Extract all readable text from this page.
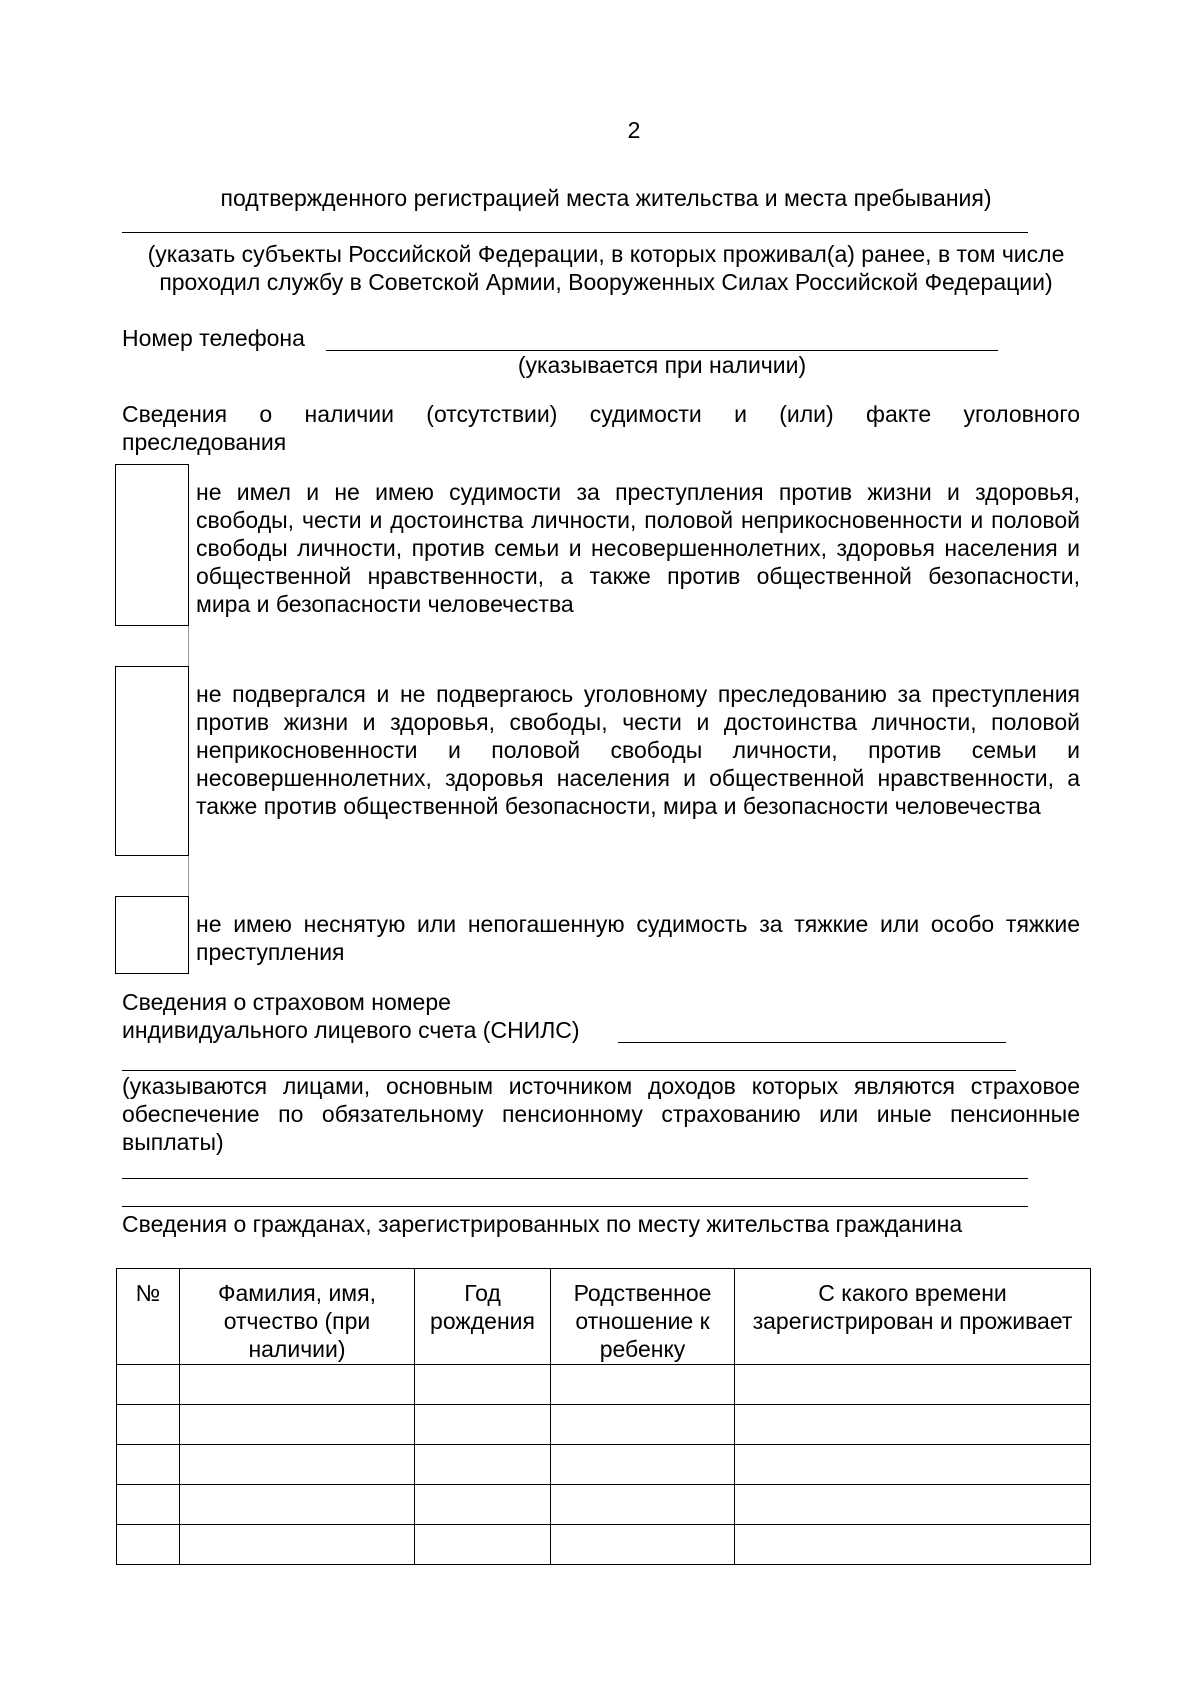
2
подтвержденного регистрацией места жительства и места пребывания)
(указать субъекты Российской Федерации, в которых проживал(а) ранее, в том числе проходил службу в Советской Армии, Вооруженных Силах Российской Федерации)
Номер телефона
(указывается при наличии)
Сведения о наличии (отсутствии) судимости и (или) факте уголовного
преследования
не имел и не имею судимости за преступления против жизни и здоровья, свободы, чести и достоинства личности, половой неприкосновенности и половой свободы личности, против семьи и несовершеннолетних, здоровья населения и общественной нравственности, а также против общественной безопасности, мира и безопасности человечества
не подвергался и не подвергаюсь уголовному преследованию за преступления против жизни и здоровья, свободы, чести и достоинства личности, половой неприкосновенности и половой свободы личности, против семьи и несовершеннолетних, здоровья населения и общественной нравственности, а также против общественной безопасности, мира и безопасности человечества
не имею неснятую или непогашенную судимость за тяжкие или особо тяжкие преступления
Сведения о страховом номере
индивидуального лицевого счета (СНИЛС)
(указываются лицами, основным источником доходов которых являются страховое
обеспечение по обязательному пенсионному страхованию или иные пенсионные
выплаты)
Сведения о гражданах, зарегистрированных по месту жительства гражданина
№	Фамилия, имя, отчество (при наличии)	Год рождения	Родственное отношение к ребенку	С какого времени зарегистрирован и проживает
